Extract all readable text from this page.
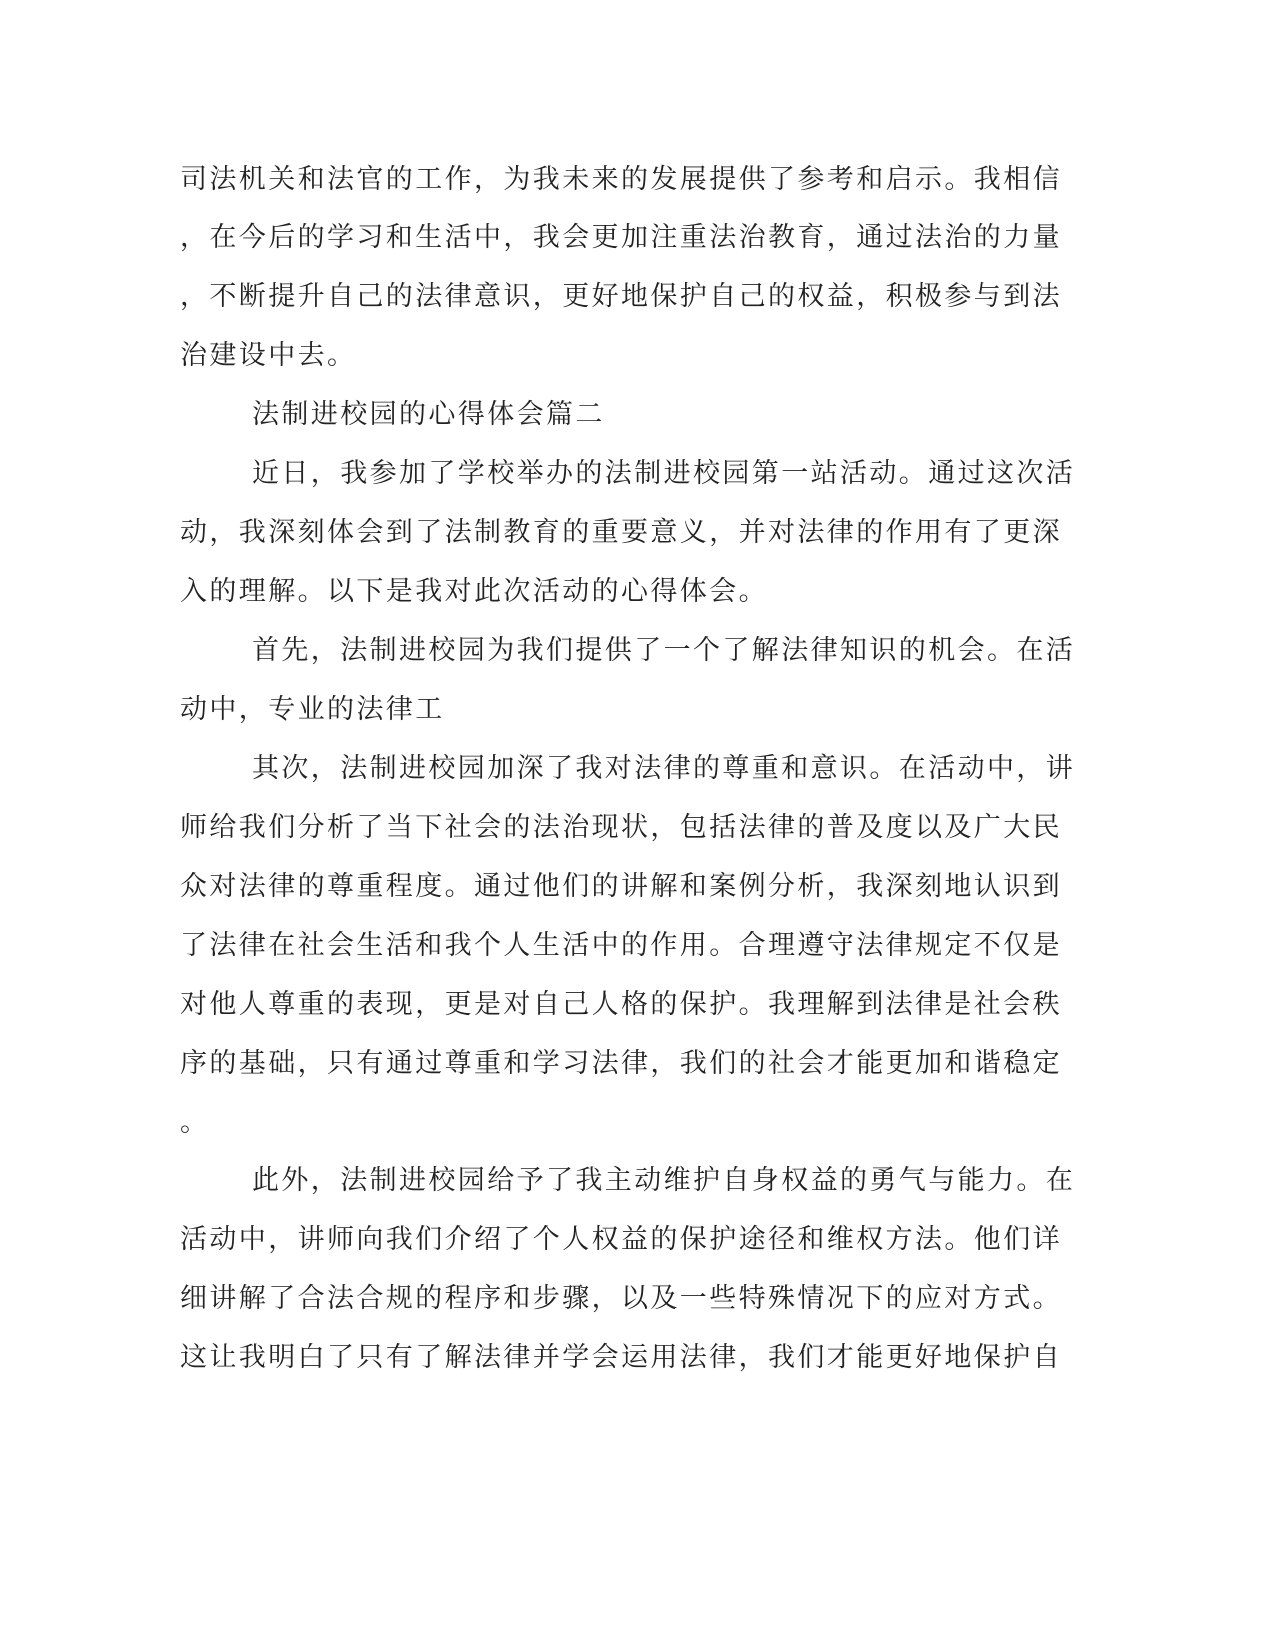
司法机关和法官的工作，为我未来的发展提供了参考和启示。我相信
，在今后的学习和生活中，我会更加注重法治教育，通过法治的力量
，不断提升自己的法律意识，更好地保护自己的权益，积极参与到法
治建设中去。
法制进校园的心得体会篇二
近日，我参加了学校举办的法制进校园第一站活动。通过这次活
动，我深刻体会到了法制教育的重要意义，并对法律的作用有了更深
入的理解。以下是我对此次活动的心得体会。
首先，法制进校园为我们提供了一个了解法律知识的机会。在活
动中，专业的法律工
其次，法制进校园加深了我对法律的尊重和意识。在活动中，讲
师给我们分析了当下社会的法治现状，包括法律的普及度以及广大民
众对法律的尊重程度。通过他们的讲解和案例分析，我深刻地认识到
了法律在社会生活和我个人生活中的作用。合理遵守法律规定不仅是
对他人尊重的表现，更是对自己人格的保护。我理解到法律是社会秩
序的基础，只有通过尊重和学习法律，我们的社会才能更加和谐稳定
。
此外，法制进校园给予了我主动维护自身权益的勇气与能力。在
活动中，讲师向我们介绍了个人权益的保护途径和维权方法。他们详
细讲解了合法合规的程序和步骤，以及一些特殊情况下的应对方式。
这让我明白了只有了解法律并学会运用法律，我们才能更好地保护自
